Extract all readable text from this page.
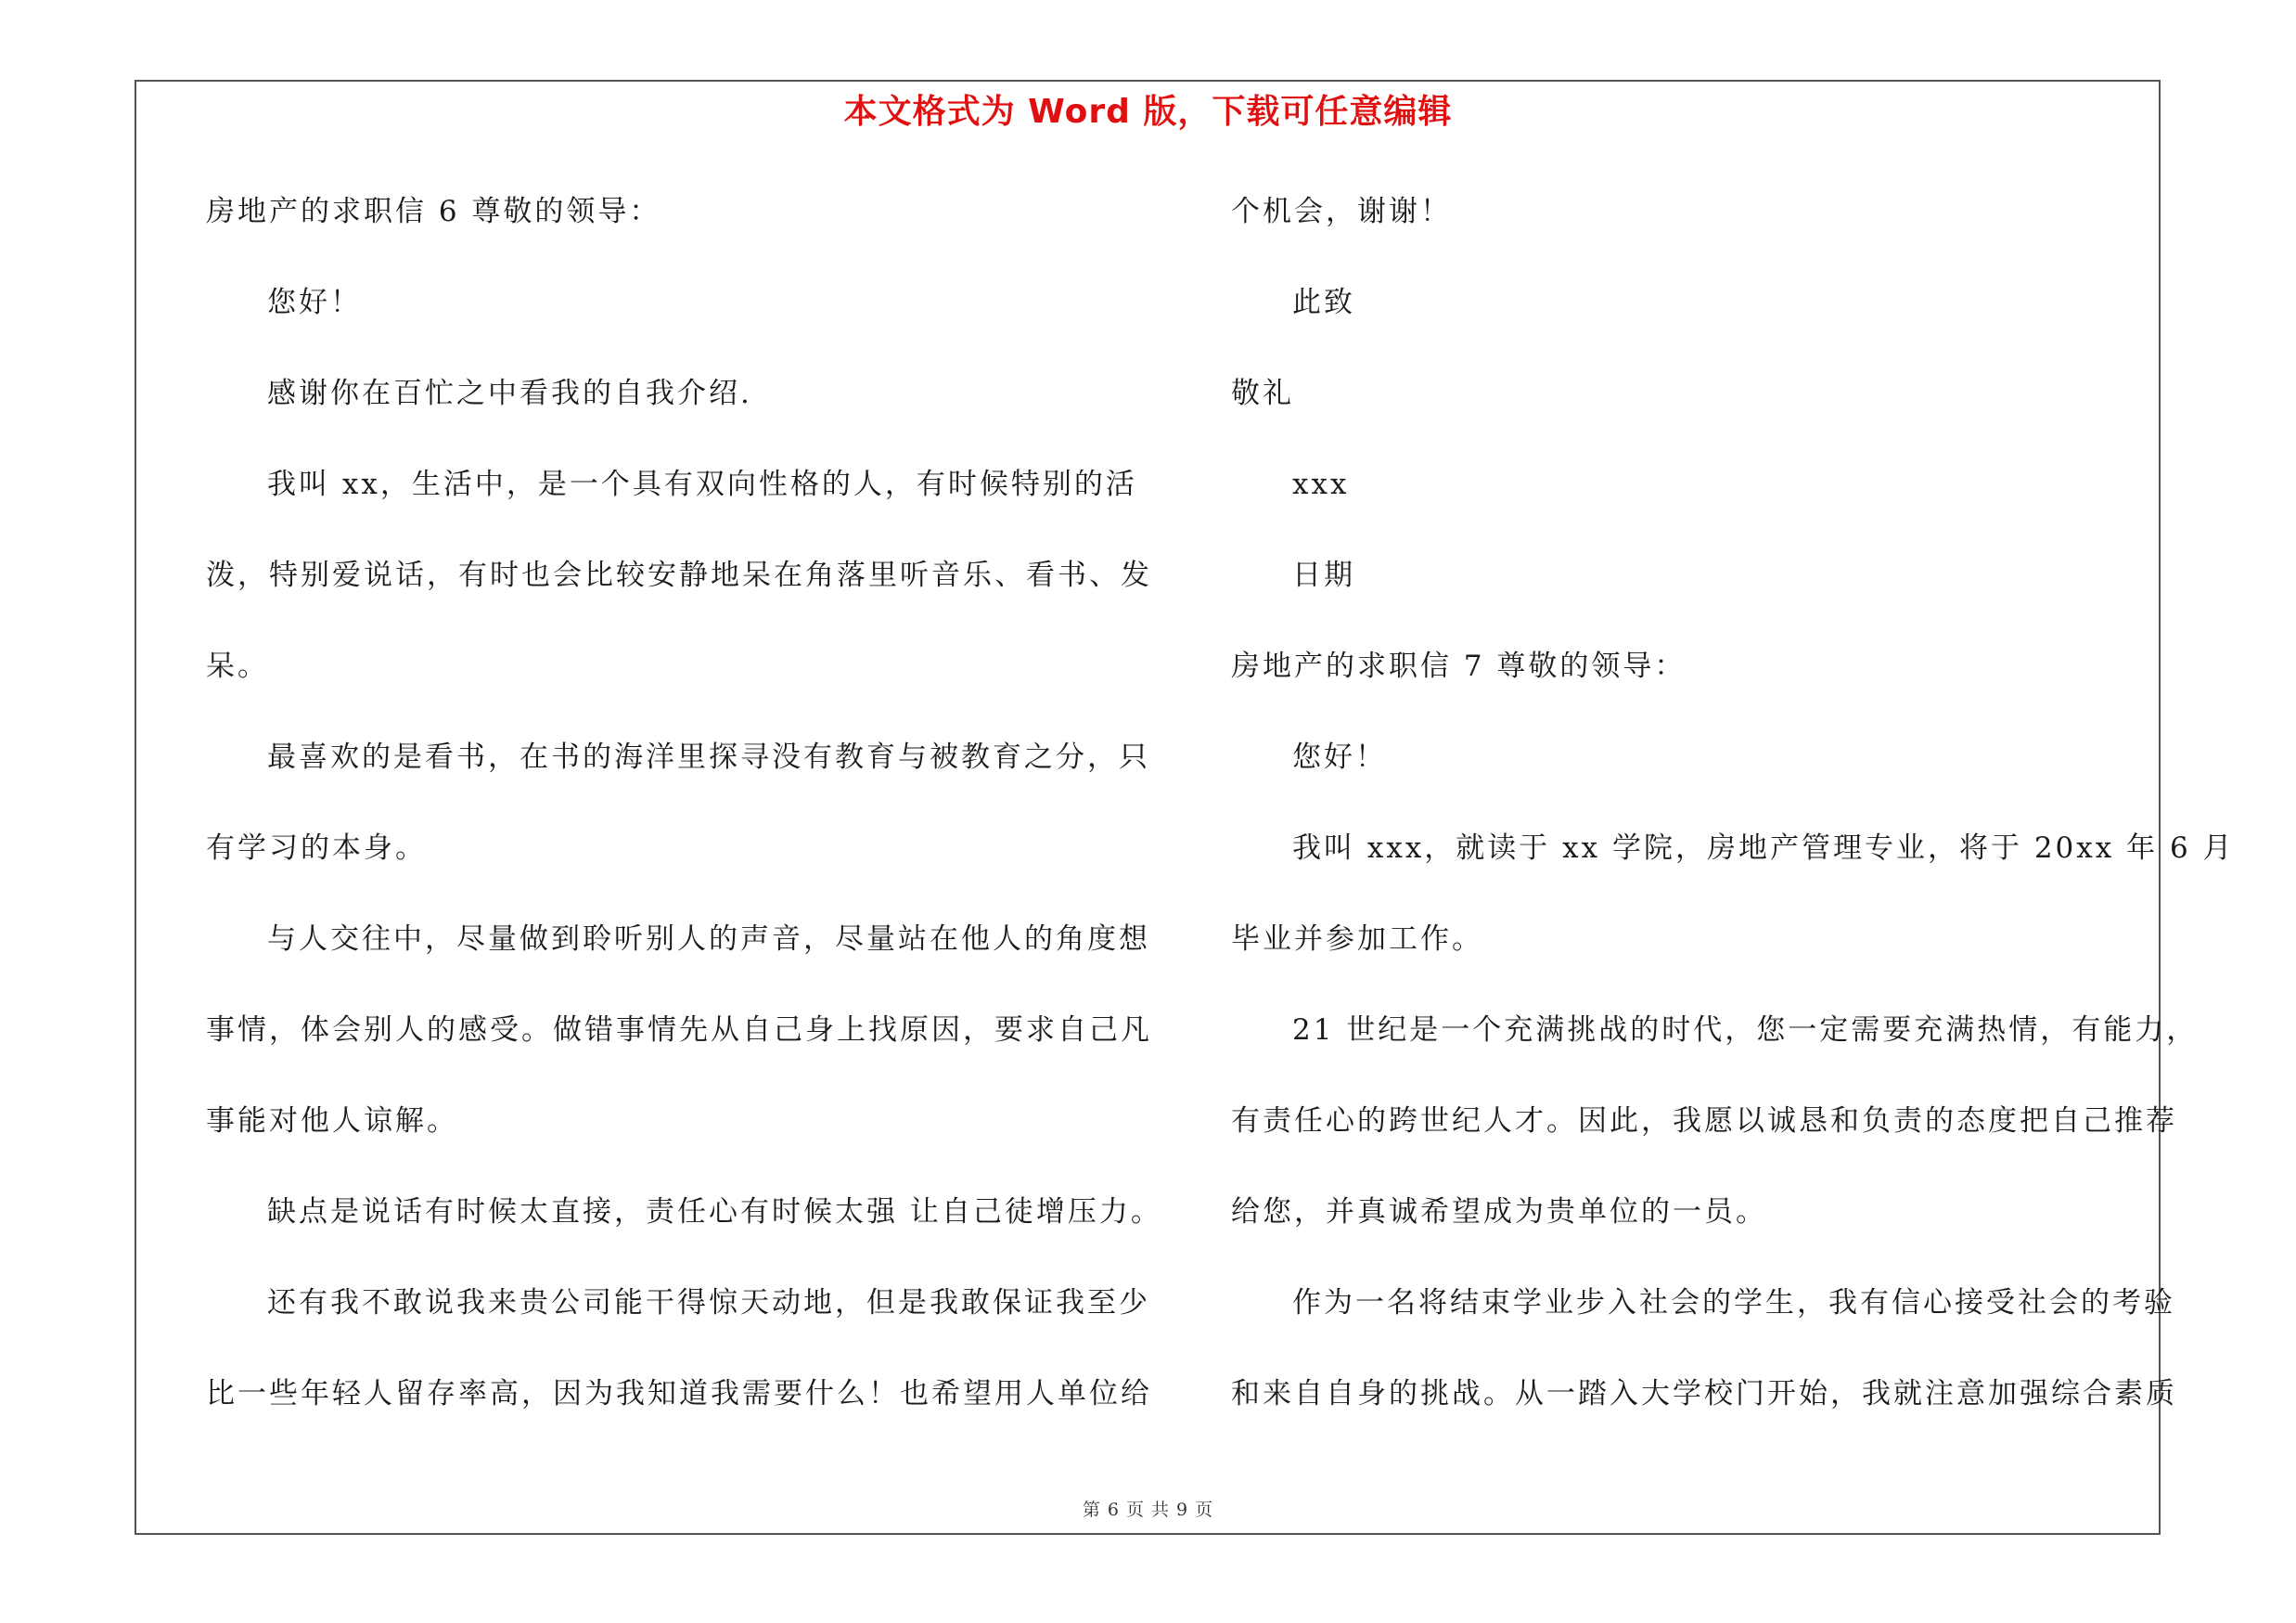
本文格式为 Word 版，下载可任意编辑
房地产的求职信 6 尊敬的领导：
您好！
感谢你在百忙之中看我的自我介绍.
我叫 xx，生活中，是一个具有双向性格的人，有时候特别的活
泼，特别爱说话，有时也会比较安静地呆在角落里听音乐、看书、发
呆。
最喜欢的是看书，在书的海洋里探寻没有教育与被教育之分，只
有学习的本身。
与人交往中，尽量做到聆听别人的声音，尽量站在他人的角度想
事情，体会别人的感受。做错事情先从自己身上找原因，要求自己凡
事能对他人谅解。
缺点是说话有时候太直接，责任心有时候太强 让自己徒增压力。
还有我不敢说我来贵公司能干得惊天动地，但是我敢保证我至少
比一些年轻人留存率高，因为我知道我需要什么！也希望用人单位给
个机会，谢谢！
此致
敬礼
xxx
日期
房地产的求职信 7 尊敬的领导：
您好！
我叫 xxx，就读于 xx 学院，房地产管理专业，将于 20xx 年 6 月
毕业并参加工作。
21 世纪是一个充满挑战的时代，您一定需要充满热情，有能力，
有责任心的跨世纪人才。因此，我愿以诚恳和负责的态度把自己推荐
给您，并真诚希望成为贵单位的一员。
作为一名将结束学业步入社会的学生，我有信心接受社会的考验
和来自自身的挑战。从一踏入大学校门开始，我就注意加强综合素质
第 6 页 共 9 页
